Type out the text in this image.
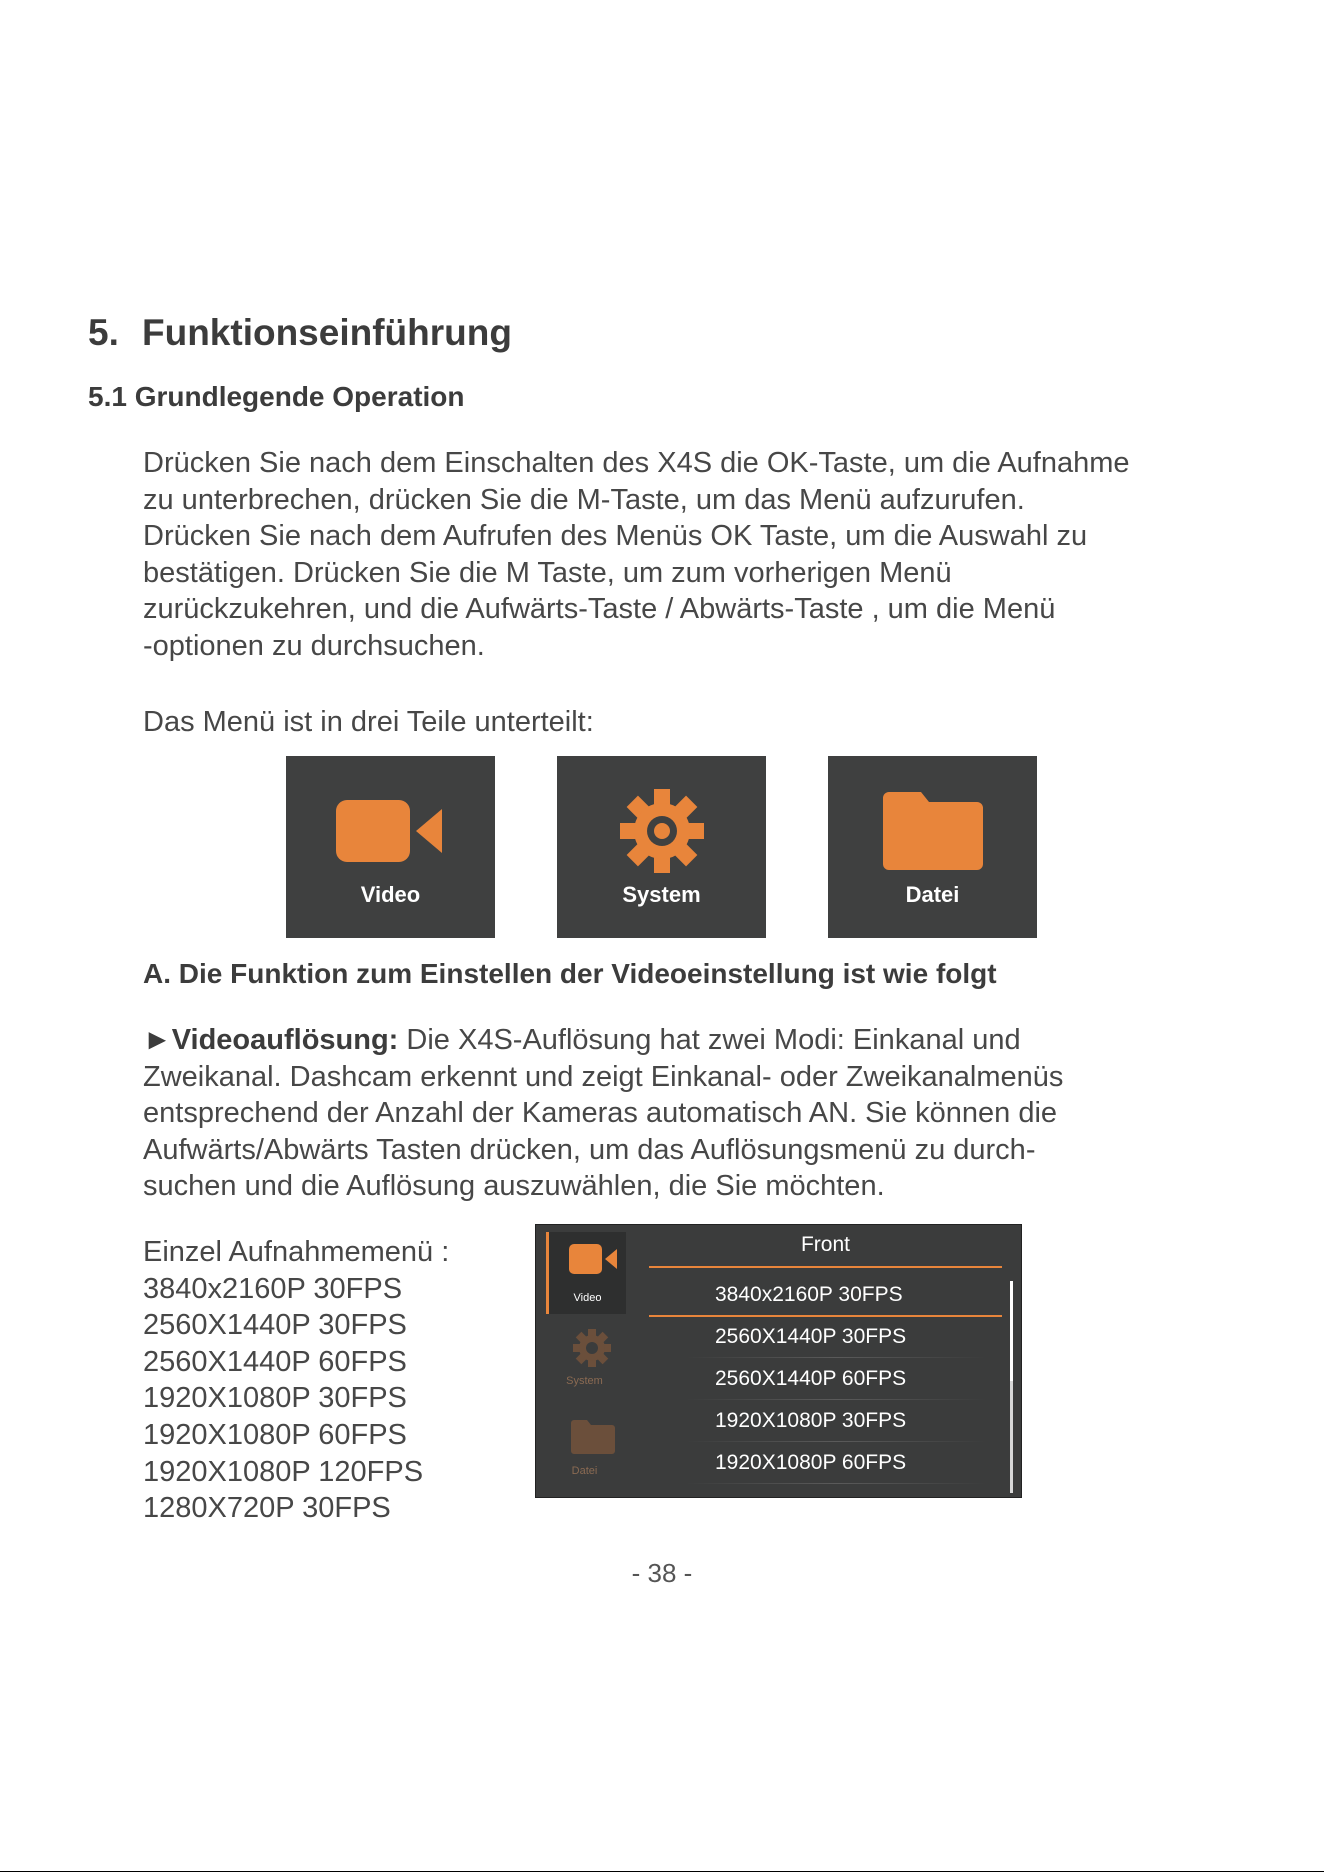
5. Funktionseinführung
5.1 Grundlegende Operation

Drücken Sie nach dem Einschalten des X4S die OK-Taste, um die Aufnahme

zu unterbrechen, drücken Sie die M-Taste, um das Menü aufzurufen.

Drücken Sie nach dem Aufrufen des Menüs OK Taste, um die Auswahl zu

bestätigen. Drücken Sie die M Taste, um zum vorherigen Menü

zurückzukehren, und die Aufwärts-Taste / Abwärts-Taste , um die Menü

-optionen zu durchsuchen.

Das Menü ist in drei Teile unterteilt:
Video	System	Datei
A. Die Funktion zum Einstellen der Videoeinstellung ist wie folgt

►Videoauflösung: Die X4S-Auflösung hat zwei Modi: Einkanal und

Zweikanal. Dashcam erkennt und zeigt Einkanal- oder Zweikanalmenüs

entsprechend der Anzahl der Kameras automatisch AN. Sie können die

Aufwärts/Abwärts Tasten drücken, um das Auflösungsmenü zu durch-

suchen und die Auflösung auszuwählen, die Sie möchten.

Einzel Aufnahmemenü :
3840x2160P 30FPS
2560X1440P 30FPS
2560X1440P 60FPS
1920X1080P 30FPS
1920X1080P 60FPS
1920X1080P 120FPS
1280X720P 30FPS
Video
System
Datei
Front
3840x2160P 30FPS
2560X1440P 30FPS
2560X1440P 60FPS
1920X1080P 30FPS
1920X1080P 60FPS
- 38 -
